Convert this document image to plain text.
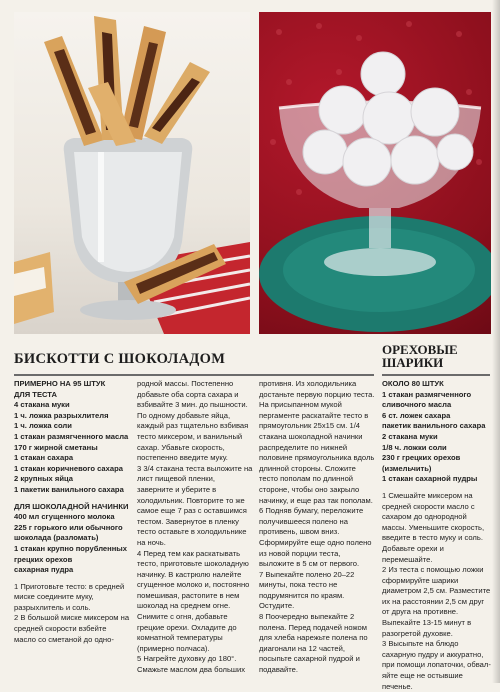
БИСКОТТИ С ШОКОЛАДОМ
ОРЕХОВЫЕ
ШАРИКИ

ПРИМЕРНО НА 95 ШТУК

ДЛЯ ТЕСТА

4 стакана муки

1 ч. ложка разрыхлителя

1 ч. ложка соли

1 стакан размягченного масла

170 г жирной сметаны

1 стакан сахара

1 стакан коричневого сахара

2 крупных яйца

1 пакетик ванильного сахара

ДЛЯ ШОКОЛАДНОЙ НАЧИНКИ

400 мл сгущенного молока

225 г горького или обычного шоколада (разломать)

1 стакан крупно порубленных грецких орехов

сахарная пудра

1 Приготовьте тесто: в средней миске соедините муку, разрыхлитель и соль.

2 В большой миске миксером на средней скорости взбейте масло со сметаной до одно-

родной массы. Постепенно добавьте оба сорта сахара и взбивайте 3 мин. до пышности. По одному добавьте яйца, каждый раз тщательно взбивая тесто миксером, и ванильный сахар. Убавьте скорость, постепенно введите муку.

3 3/4 стакана теста выложите на лист пищевой пленки, заверните и уберите в холодильник. Повторите то же самое еще 7 раз с оставшимся тестом. Завернутое в пленку тесто оставьте в холодильнике на ночь.

4 Перед тем как раскатывать тесто, приготовьте шоколадную начинку. В кастрюлю налейте сгущенное молоко и, постоянно помешивая, растопите в нем шоколад на среднем огне. Снимите с огня, добавьте грецкие орехи. Охладите до комнатной температуры (примерно полчаса).

5 Нагрейте духовку до 180°. Смажьте маслом два больших

противня. Из холодильника достаньте первую порцию теста. На присыпанном мукой пергаменте раскатайте тесто в прямоугольник 25x15 см. 1/4 стакана шоколадной начинки распределите по нижней половине прямоугольника вдоль длинной стороны. Сложите тесто пополам по длинной стороне, чтобы оно закрыло начинку, и еще раз так пополам.

6 Подняв бумагу, переложите получившееся полено на противень, швом вниз. Сформируйте еще одно полено из новой порции теста, выложите в 5 см от первого.

7 Выпекайте полено 20–22 минуты, пока тесто не подрумянится по краям. Остудите.

8 Поочередно выпекайте 2 полена. Перед подачей ножом для хлеба нарежьте полена по диагонали на 12 частей, посыпьте сахарной пудрой и подавайте.

ОКОЛО 80 ШТУК

1 стакан размягченного сливочного масла

6 ст. ложек сахара

пакетик ванильного сахара

2 стакана муки

1/8 ч. ложки соли

230 г грецких орехов (измельчить)

1 стакан сахарной пудры

1 Смешайте миксером на средней скорости масло с сахаром до однородной массы. Уменьшите скорость, введите в тесто муку и соль. Добавьте орехи и перемешайте.

2 Из теста с помощью ложки сформируйте шарики диаметром 2,5 см. Разместите их на расстоянии 2,5 см друг от друга на противне. Выпекайте 13-15 минут в разогретой духовке.

3 Высыпьте на блюдо сахарную пудру и аккуратно, при помощи лопаточки, обваляйте еще не остывшие печенье.
